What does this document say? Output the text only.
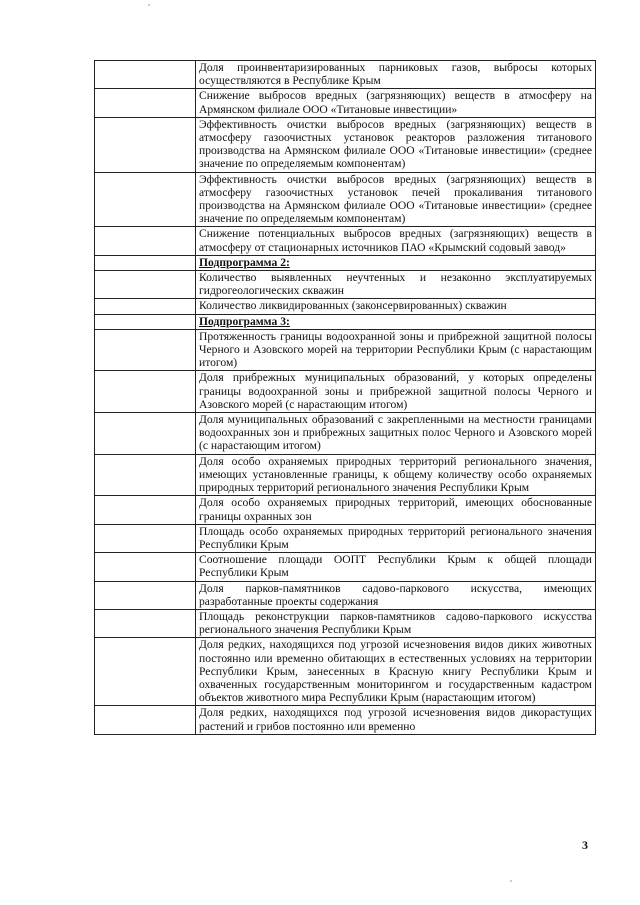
	Доля проинвентаризированных парниковых газов, выбросы которых осуществляются в Республике Крым
	Снижение выбросов вредных (загрязняющих) веществ в атмосферу на Армянском филиале ООО «Титановые инвестиции»
	Эффективность очистки выбросов вредных (загрязняющих) веществ в атмосферу газоочистных установок реакторов разложения титанового производства на Армянском филиале ООО «Титановые инвестиции» (среднее значение по определяемым компонентам)
	Эффективность очистки выбросов вредных (загрязняющих) веществ в атмосферу газоочистных установок печей прокаливания титанового производства на Армянском филиале ООО «Титановые инвестиции» (среднее значение по определяемым компонентам)
	Снижение потенциальных выбросов вредных (загрязняющих) веществ в атмосферу от стационарных источников ПАО «Крымский содовый завод»
	Подпрограмма 2:
	Количество выявленных неучтенных и незаконно эксплуатируемых гидрогеологических скважин
	Количество ликвидированных (законсервированных) скважин
	Подпрограмма 3:
	Протяженность границы водоохранной зоны и прибрежной защитной полосы Черного и Азовского морей на территории Республики Крым (с нарастающим итогом)
	Доля прибрежных муниципальных образований, у которых определены границы водоохранной зоны и прибрежной защитной полосы Черного и Азовского морей (с нарастающим итогом)
	Доля муниципальных образований с закрепленными на местности границами водоохранных зон и прибрежных защитных полос Черного и Азовского морей (с нарастающим итогом)
	Доля особо охраняемых природных территорий регионального значения, имеющих установленные границы, к общему количеству особо охраняемых природных территорий регионального значения Республики Крым
	Доля особо охраняемых природных территорий, имеющих обоснованные границы охранных зон
	Площадь особо охраняемых природных территорий регионального значения Республики Крым
	Соотношение площади ООПТ Республики Крым к общей площади Республики Крым
	Доля парков-памятников садово-паркового искусства, имеющих разработанные проекты содержания
	Площадь реконструкции парков-памятников садово-паркового искусства регионального значения Республики Крым
	Доля редких, находящихся под угрозой исчезновения видов диких животных постоянно или временно обитающих в естественных условиях на территории Республики Крым, занесенных в Красную книгу Республики Крым и охваченных государственным мониторингом и государственным кадастром объектов животного мира Республики Крым (нарастающим итогом)
	Доля редких, находящихся под угрозой исчезновения видов дикорастущих растений и грибов постоянно или временно
3
